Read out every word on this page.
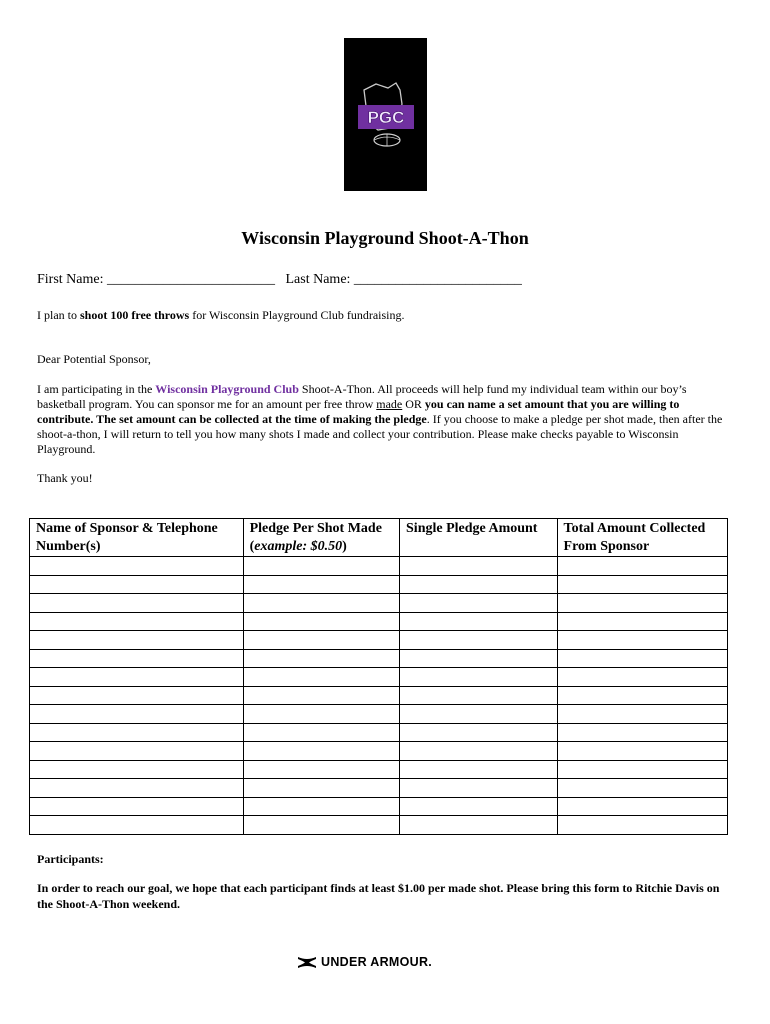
PGC
Wisconsin Playground Shoot-A-Thon
First Name: ________________________ Last Name: ________________________
I plan to shoot 100 free throws for Wisconsin Playground Club fundraising.
Dear Potential Sponsor,
I am participating in the Wisconsin Playground Club Shoot-A-Thon. All proceeds will help fund my individual team within our boy’s basketball program. You can sponsor me for an amount per free throw made OR you can name a set amount that you are willing to contribute. The set amount can be collected at the time of making the pledge. If you choose to make a pledge per shot made, then after the shoot-a-thon, I will return to tell you how many shots I made and collect your contribution. Please make checks payable to Wisconsin Playground.
Thank you!
Name of Sponsor & Telephone Number(s)	Pledge Per Shot Made (example: $0.50)	Single Pledge Amount	Total Amount Collected From Sponsor

Participants:
In order to reach our goal, we hope that each participant finds at least $1.00 per made shot. Please bring this form to Ritchie Davis on the Shoot-A-Thon weekend.
UNDER ARMOUR.
